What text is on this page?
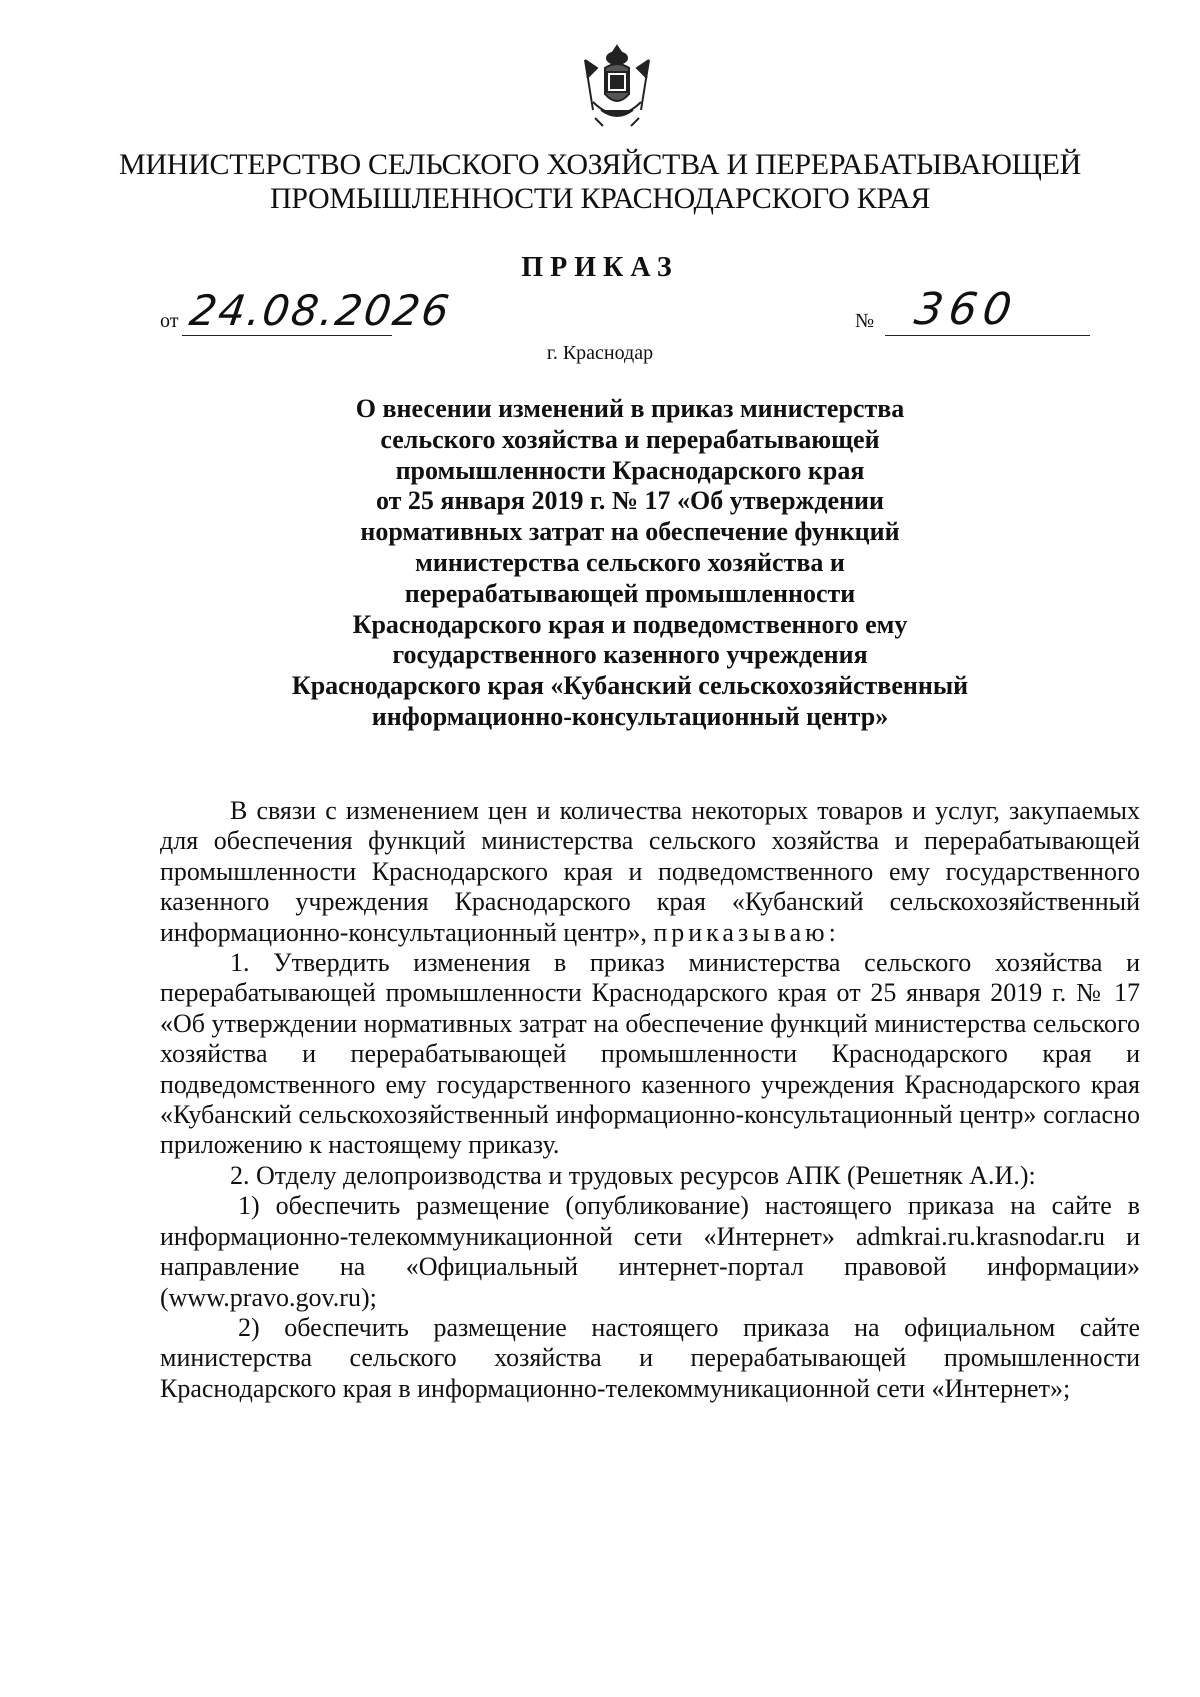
МИНИСТЕРСТВО СЕЛЬСКОГО ХОЗЯЙСТВА И ПЕРЕРАБАТЫВАЮЩЕЙ
ПРОМЫШЛЕННОСТИ КРАСНОДАРСКОГО КРАЯ
ПРИКАЗ
от 24.08.2026	№ 360
г. Краснодар
О внесении изменений в приказ министерства
сельского хозяйства и перерабатывающей
промышленности Краснодарского края
от 25 января 2019 г. № 17 «Об утверждении
нормативных затрат на обеспечение функций
министерства сельского хозяйства и
перерабатывающей промышленности
Краснодарского края и подведомственного ему
государственного казенного учреждения
Краснодарского края «Кубанский сельскохозяйственный
информационно-консультационный центр»
В связи с изменением цен и количества некоторых товаров и услуг, закупаемых для обеспечения функций министерства сельского хозяйства и перерабатывающей промышленности Краснодарского края и подведомственного ему государственного казенного учреждения Краснодарского края «Кубанский сельскохозяйственный информационно-консультационный центр», приказываю:
1. Утвердить изменения в приказ министерства сельского хозяйства и перерабатывающей промышленности Краснодарского края от 25 января 2019 г. № 17 «Об утверждении нормативных затрат на обеспечение функций министерства сельского хозяйства и перерабатывающей промышленности Краснодарского края и подведомственного ему государственного казенного учреждения Краснодарского края «Кубанский сельскохозяйственный информационно-консультационный центр» согласно приложению к настоящему приказу.
2. Отделу делопроизводства и трудовых ресурсов АПК (Решетняк А.И.):
1) обеспечить размещение (опубликование) настоящего приказа на сайте в информационно-телекоммуникационной сети «Интернет» admkrai.ru.krasnodar.ru и направление на «Официальный интернет-портал правовой информации» (www.pravo.gov.ru);
2) обеспечить размещение настоящего приказа на официальном сайте министерства сельского хозяйства и перерабатывающей промышленности Краснодарского края в информационно-телекоммуникационной сети «Интернет»;
